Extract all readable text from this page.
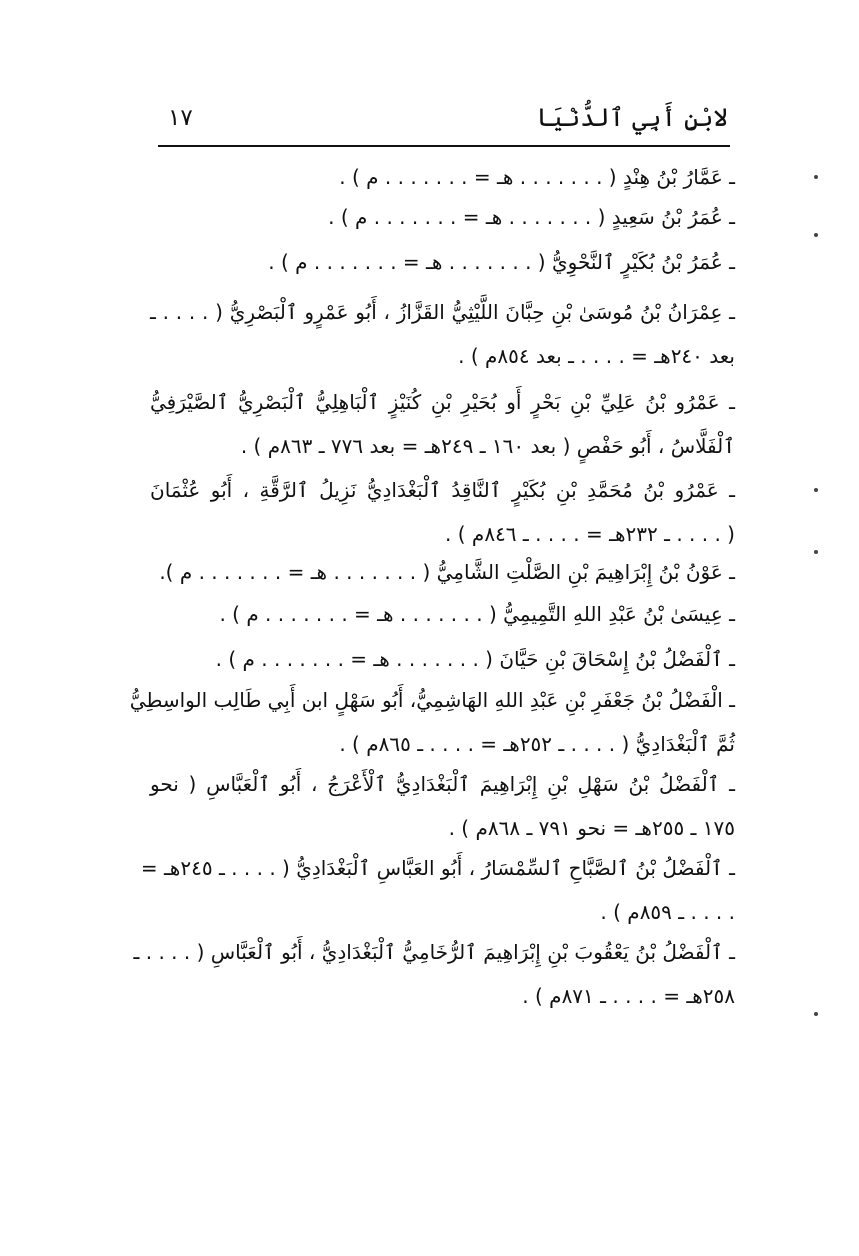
لابْنِ أَبِي ٱلدُّنْيَا
١٧
ـ عَمَّارُ بْنُ هِنْدٍ ( . . . . . . . هـ = . . . . . . . م ) .
ـ عُمَرُ بْنُ سَعِيدٍ ( . . . . . . . هـ = . . . . . . . م ) .
ـ عُمَرُ بْنُ بُكَيْرٍ ٱلنَّحْوِيُّ ( . . . . . . . هـ = . . . . . . . م ) .
ـ عِمْرَانُ بْنُ مُوسَىٰ بْنِ حِبَّانَ اللَّيْثِيُّ القَزَّازُ ، أَبُو عَمْرٍو ٱلْبَصْرِيُّ ( . . . . ـ
بعد ٢٤٠هـ = . . . . ـ بعد ٨٥٤م ) .
ـ عَمْرُو بْنُ عَلِيِّ بْنِ بَحْرٍ أَو بُحَيْرِ بْنِ كُنَيْزٍ ٱلْبَاهِلِيُّ ٱلْبَصْرِيُّ ٱلصَّيْرَفِيُّ
ٱلْفَلَّاسُ ، أَبُو حَفْصٍ ( بعد ١٦٠ ـ ٢٤٩هـ = بعد ٧٧٦ ـ ٨٦٣م ) .
ـ عَمْرُو بْنُ مُحَمَّدِ بْنِ بُكَيْرٍ ٱلنَّاقِدُ ٱلْبَغْدَادِيُّ نَزِيلُ ٱلرَّقَّةِ ، أَبُو عُثْمَانَ
( . . . . ـ ٢٣٢هـ = . . . . ـ ٨٤٦م ) .
ـ عَوْنُ بْنُ إِبْرَاهِيمَ بْنِ الصَّلْتِ الشَّامِيُّ ( . . . . . . . هـ = . . . . . . . م ).
ـ عِيسَىٰ بْنُ عَبْدِ اللهِ التَّمِيمِيُّ ( . . . . . . . هـ = . . . . . . . م ) .
ـ ٱلْفَضْلُ بْنُ إِسْحَاقَ بْنِ حَيَّانَ ( . . . . . . . هـ = . . . . . . . م ) .
ـ الْفَضْلُ بْنُ جَعْفَرِ بْنِ عَبْدِ اللهِ الهَاشِمِيُّ، أَبُو سَهْلٍ ابن أَبِي طَالِب الواسِطِيُّ
ثُمَّ ٱلْبَغْدَادِيُّ ( . . . . ـ ٢٥٢هـ = . . . . ـ ٨٦٥م ) .
ـ ٱلْفَضْلُ بْنُ سَهْلِ بْنِ إِبْرَاهِيمَ ٱلْبَغْدَادِيُّ ٱلْأَعْرَجُ ، أَبُو ٱلْعَبَّاسِ ( نحو
١٧٥ ـ ٢٥٥هـ = نحو ٧٩١ ـ ٨٦٨م ) .
ـ ٱلْفَضْلُ بْنُ ٱلصَّبَّاحِ ٱلسِّمْسَارُ ، أَبُو العَبَّاسِ ٱلْبَغْدَادِيُّ ( . . . . ـ ٢٤٥هـ =
. . . . ـ ٨٥٩م ) .
ـ ٱلْفَضْلُ بْنُ يَعْقُوبَ بْنِ إِبْرَاهِيمَ ٱلرُّخَامِيُّ ٱلْبَغْدَادِيُّ ، أَبُو ٱلْعَبَّاسِ ( . . . . ـ
٢٥٨هـ = . . . . ـ ٨٧١م ) .
